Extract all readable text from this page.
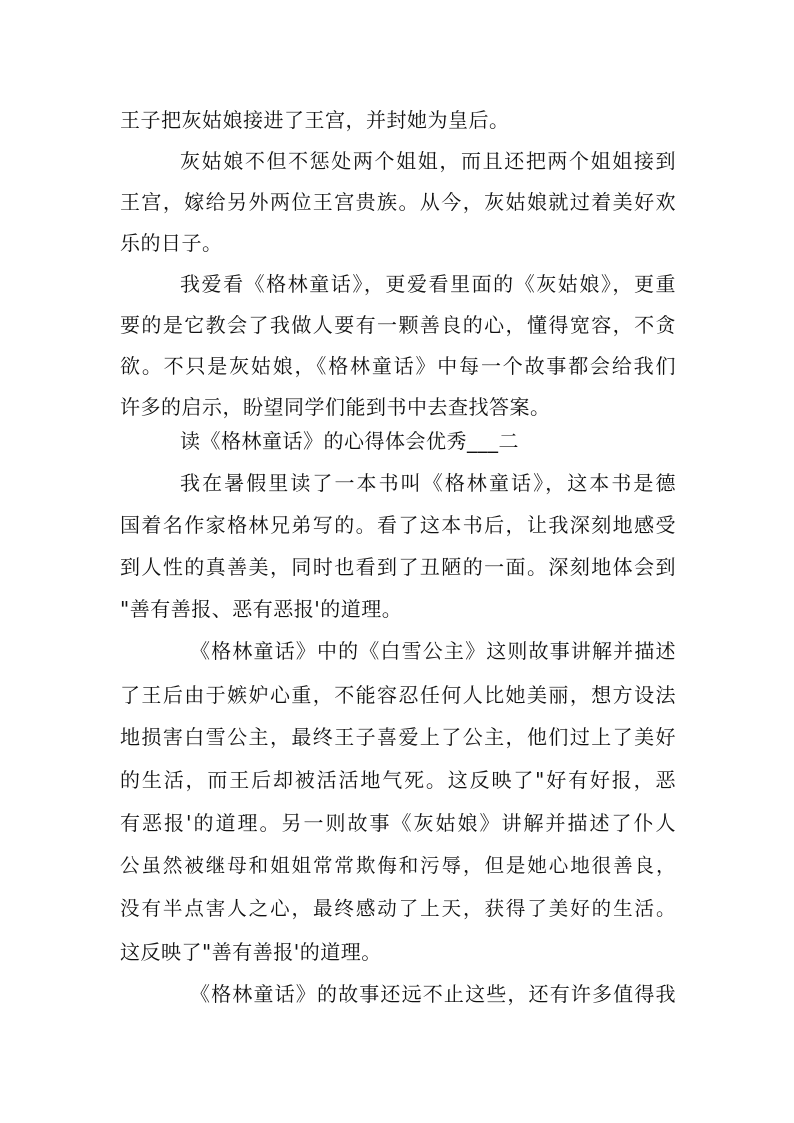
王子把灰姑娘接进了王宫，并封她为皇后。
灰姑娘不但不惩处两个姐姐，而且还把两个姐姐接到
王宫，嫁给另外两位王宫贵族。从今，灰姑娘就过着美好欢
乐的日子。
我爱看《格林童话》，更爱看里面的《灰姑娘》，更重
要的是它教会了我做人要有一颗善良的心，懂得宽容，不贪
欲。不只是灰姑娘，《格林童话》中每一个故事都会给我们
许多的启示，盼望同学们能到书中去查找答案。
读《格林童话》的心得体会优秀___二
我在暑假里读了一本书叫《格林童话》，这本书是德
国着名作家格林兄弟写的。看了这本书后，让我深刻地感受
到人性的真善美，同时也看到了丑陋的一面。深刻地体会到
"善有善报、恶有恶报'的道理。
《格林童话》中的《白雪公主》这则故事讲解并描述
了王后由于嫉妒心重，不能容忍任何人比她美丽，想方设法
地损害白雪公主，最终王子喜爱上了公主，他们过上了美好
的生活，而王后却被活活地气死。这反映了"好有好报，恶
有恶报'的道理。另一则故事《灰姑娘》讲解并描述了仆人
公虽然被继母和姐姐常常欺侮和污辱，但是她心地很善良，
没有半点害人之心，最终感动了上天，获得了美好的生活。
这反映了"善有善报'的道理。
《格林童话》的故事还远不止这些，还有许多值得我
